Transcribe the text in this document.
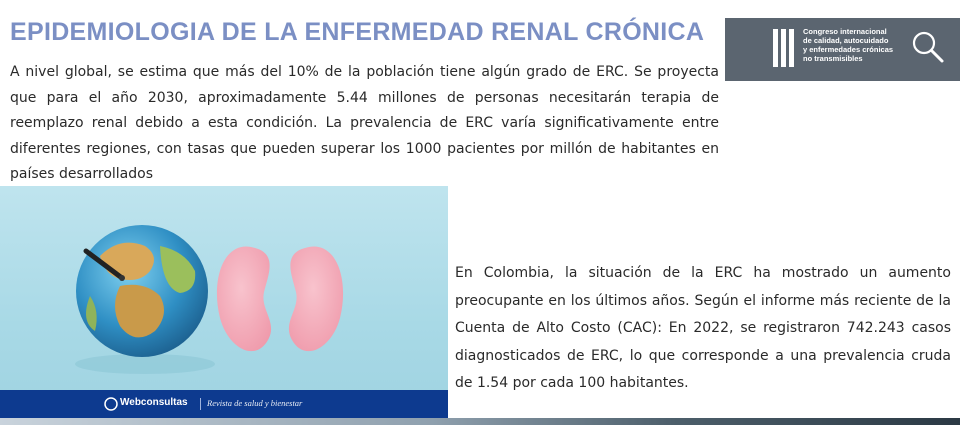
EPIDEMIOLOGIA DE LA ENFERMEDAD RENAL CRÓNICA	Congreso internacional
de calidad, autocuidado
y enfermedades crónicas
no transmisibles

A nivel global, se estima que más del 10% de la población tiene algún grado de ERC. Se proyecta que para el año 2030, aproximadamente 5.44 millones de personas necesitarán terapia de reemplazo renal debido a esta condición. La prevalencia de ERC varía significativamente entre diferentes regiones, con tasas que pueden superar los 1000 pacientes por millón de habitantes en países desarrollados

Webconsultas Revista de salud y bienestar

En Colombia, la situación de la ERC ha mostrado un aumento preocupante en los últimos años. Según el informe más reciente de la Cuenta de Alto Costo (CAC): En 2022, se registraron 742.243 casos diagnosticados de ERC, lo que corresponde a una prevalencia cruda de 1.54 por cada 100 habitantes.
